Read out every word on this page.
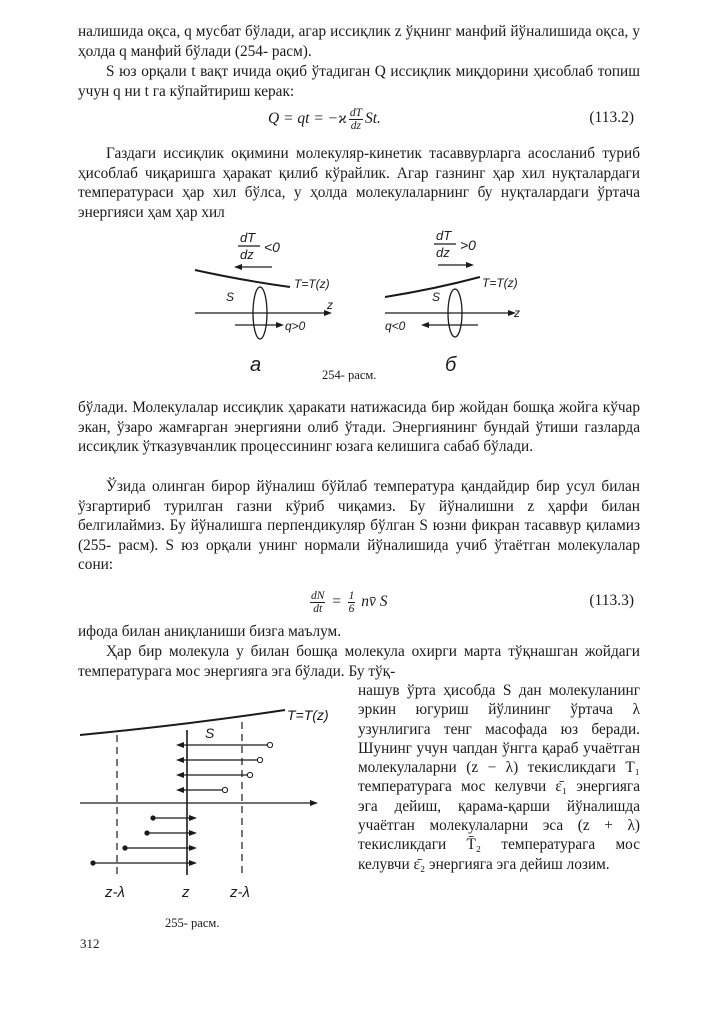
налишида оқса, q мусбат бўлади, агар иссиқлик z ўқнинг манфий йўналишида оқса, у ҳолда q манфий бўлади (254- расм).

S юз орқали t вақт ичида оқиб ўтадиган Q иссиқлик миқдорини ҳисоблаб топиш учун q ни t га кўпайтириш керак:

Q = qt = $-ϰ \frac{dT}{dz} St$.	(113.2)

Газдаги иссиқлик оқимини молекуляр-кинетик тасаввурларга асосланиб туриб ҳисоблаб чиқаришга ҳаракат қилиб кўрайлик. Агар газнинг ҳар хил нуқталардаги температураси ҳар хил бўлса, у ҳолда молекулаларнинг бу нуқталардаги ўртача энергияси ҳам ҳар хил

dT
dz <0
T=T(z)
S
z
q>0
a
dT
dz >0
T=T(z)
S
z
q<0
б
254- расм.

бўлади. Молекулалар иссиқлик ҳаракати натижасида бир жойдан бошқа жойга кўчар экан, ўзаро жамғарган энергияни олиб ўтади. Энергиянинг бундай ўтиши газларда иссиқлик ўтказувчанлик процессининг юзага келишига сабаб бўлади.

Ўзида олинган бирор йўналиш бўйлаб температура қандайдир бир усул билан ўзгартириб турилган газни кўриб чиқамиз. Бу йўналишни z ҳарфи билан белгилаймиз. Бу йўналишга перпендикуляр бўлган S юзни фикран тасаввур қиламиз (255- расм). S юз орқали унинг нормали йўналишида учиб ўтаётган молекулалар сони:

$\frac{dN}{dt} = \frac{1}{6}$ nv̄ S	(113.3)

ифода билан аниқланиши бизга маълум.

Ҳар бир молекула у билан бошқа молекула охирги марта тўқнашган жойдаги температурага мос энергияга эга бўлади. Бу тўқ-

нашув ўрта ҳисобда S дан молекуланинг эркин югуриш йўлининг ўртача λ узунлигига тенг масофада юз беради. Шунинг учун чапдан ўнгга қараб учаётган молекулаларни (z − λ) текисликдаги T₁ температурага мос келувчи ε̄₁ энергияга эга дейиш, қарама-қарши йўналишда учаётган молекулаларни эса (z + λ) текисликдаги T̄₂ температурага мос келувчи ε̄₂ энергияга эга дейиш лозим.

T=T(z)
S
z-λ	z	z-λ
255- расм.
312
